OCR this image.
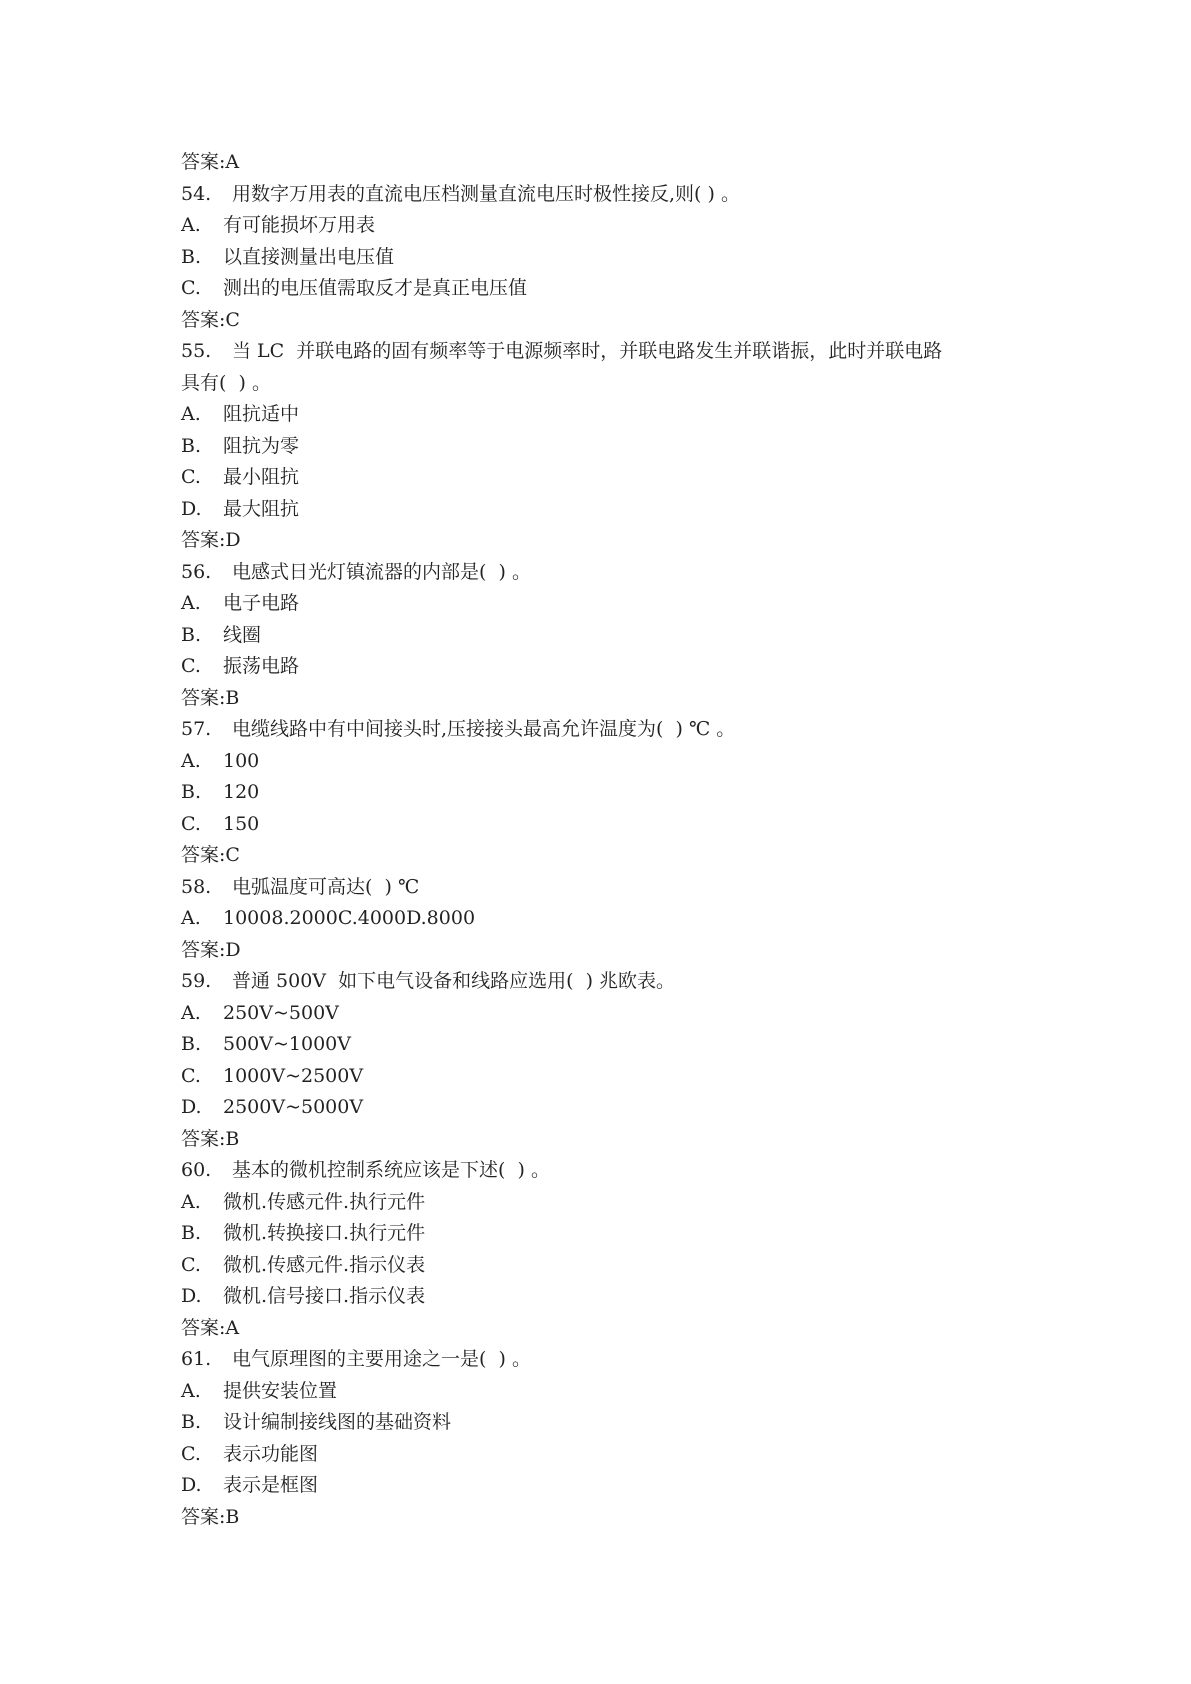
答案:A
54.	用数字万用表的直流电压档测量直流电压时极性接反,则( ) 。
A.	有可能损坏万用表
B.	以直接测量出电压值
C.	测出的电压值需取反才是真正电压值
答案:C
55.	当 LC  并联电路的固有频率等于电源频率时，并联电路发生并联谐振，此时并联电路
具有(  ) 。
A.	阻抗适中
B.	阻抗为零
C.	最小阻抗
D.	最大阻抗
答案:D
56.	电感式日光灯镇流器的内部是(  ) 。
A.	电子电路
B.	线圈
C.	振荡电路
答案:B
57.	电缆线路中有中间接头时,压接接头最高允许温度为(  ) ℃ 。
A.	100
B.	120
C.	150
答案:C
58.	电弧温度可高达(  ) ℃
A.	10008.2000C.4000D.8000
答案:D
59.	普通 500V  如下电气设备和线路应选用(  ) 兆欧表。
A.	250V~500V
B.	500V~1000V
C.	1000V~2500V
D.	2500V~5000V
答案:B
60.	基本的微机控制系统应该是下述(  ) 。
A.	微机.传感元件.执行元件
B.	微机.转换接口.执行元件
C.	微机.传感元件.指示仪表
D.	微机.信号接口.指示仪表
答案:A
61.	电气原理图的主要用途之一是(  ) 。
A.	提供安装位置
B.	设计编制接线图的基础资料
C.	表示功能图
D.	表示是框图
答案:B
